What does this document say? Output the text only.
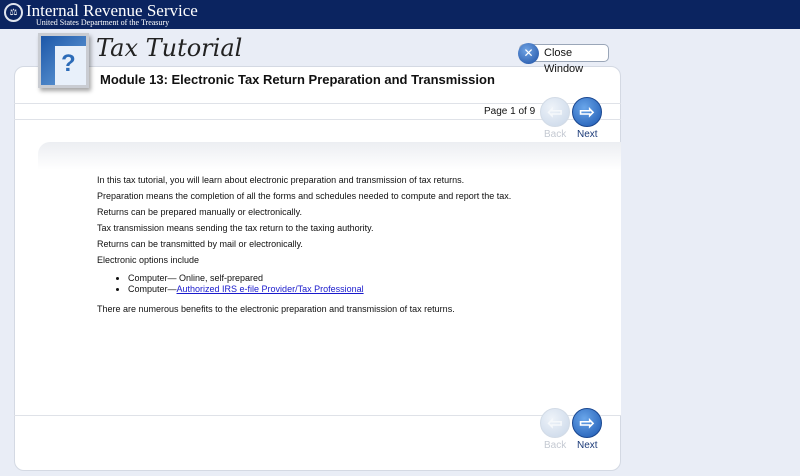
⚖ Internal Revenue Service
United States Department of the Treasury
?
Tax Tutorial
Module 13: Electronic Tax Return Preparation and Transmission
✕ Close Window
Page 1 of 9 ⇦ ⇨
Back Next

In this tax tutorial, you will learn about electronic preparation and transmission of tax returns.

Preparation means the completion of all the forms and schedules needed to compute and report the tax.

Returns can be prepared manually or electronically.

Tax transmission means sending the tax return to the taxing authority.

Returns can be transmitted by mail or electronically.

Electronic options include

• Computer— Online, self-prepared
• Computer—Authorized IRS e-file Provider/Tax Professional

There are numerous benefits to the electronic preparation and transmission of tax returns.

⇦ ⇨
Back Next
